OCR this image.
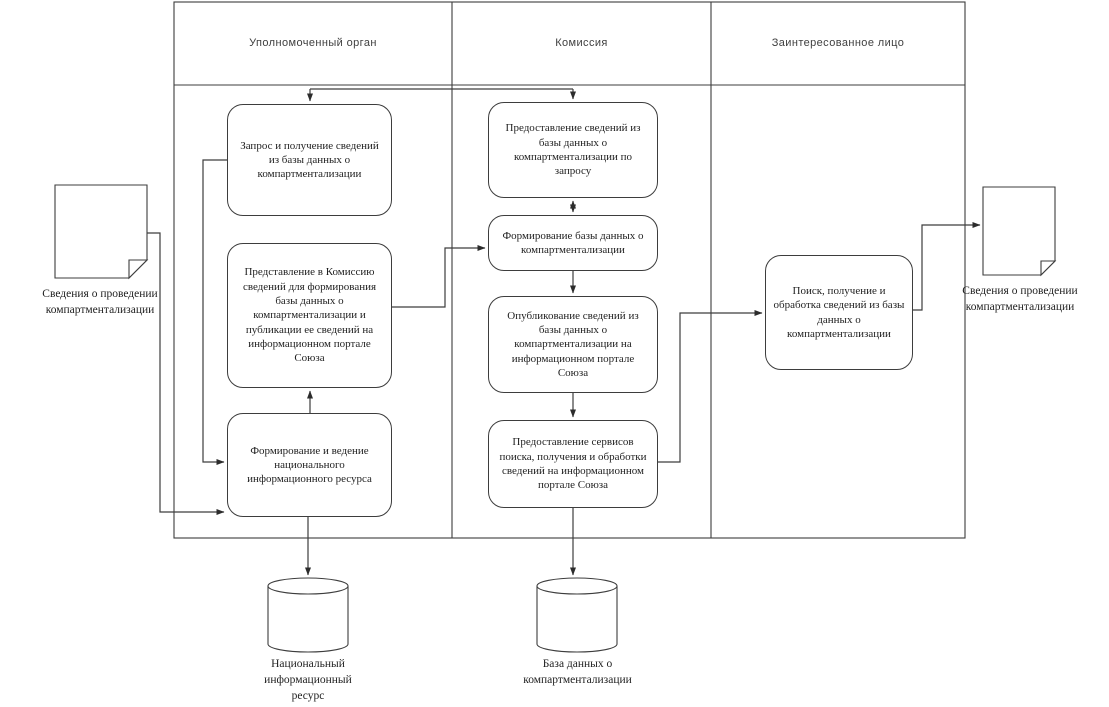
Уполномоченный орган	Комиссия	Заинтересованное лицо
Запрос и получение сведений из базы данных о компартментализации
Представление в Комиссию сведений для формирования базы данных о компартментализации и публикации ее сведений на информационном портале Союза
Формирование и ведение национального информационного ресурса
Предоставление сведений из базы данных о компартментализации по запросу
Формирование базы данных о компартментализации
Опубликование сведений из базы данных о компартментализации на информационном портале Союза
Предоставление сервисов поиска, получения и обработки сведений на информационном портале Союза
Поиск, получение и обработка сведений из базы данных о компартментализации
Сведения о проведении компартментализации
Сведения о проведении компартментализации
Национальный информационный ресурс
База данных о компартментализации
